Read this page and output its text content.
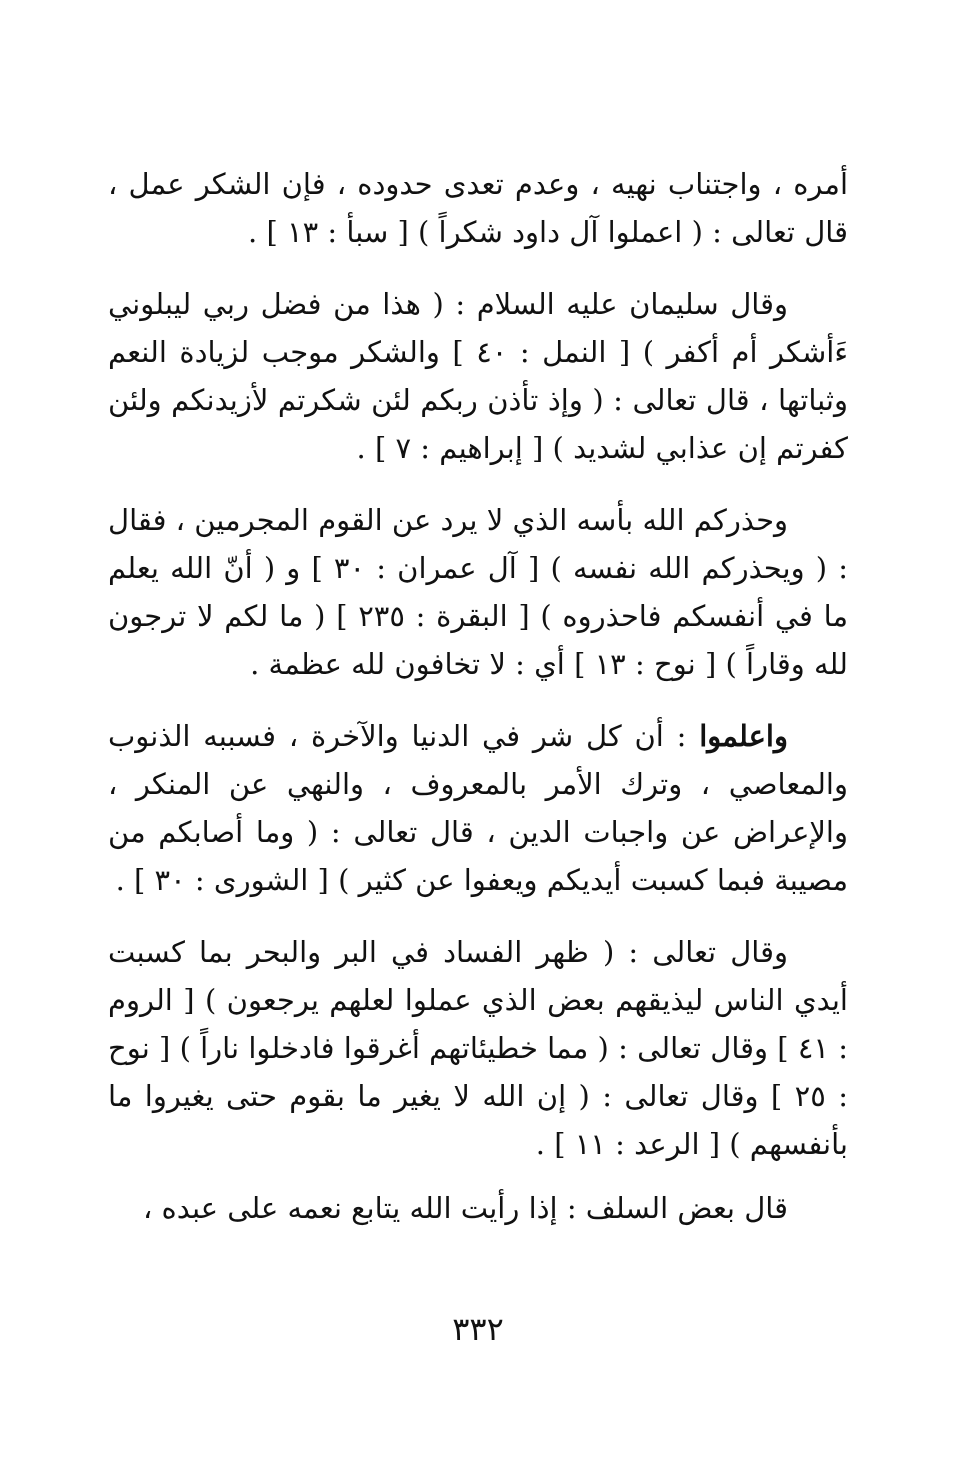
أمره ، واجتناب نهيه ، وعدم تعدى حدوده ، فإن الشكر عمل ، قال تعالى : ( اعملوا آل داود شكراً ) [ سبأ : ١٣ ] .

وقال سليمان عليه السلام : ( هذا من فضل ربي ليبلوني ءَأشكر أم أكفر ) [ النمل : ٤٠ ] والشكر موجب لزيادة النعم وثباتها ، قال تعالى : ( وإذ تأذن ربكم لئن شكرتم لأزيدنكم ولئن كفرتم إن عذابي لشديد ) [ إبراهيم : ٧ ] .

وحذركم الله بأسه الذي لا يرد عن القوم المجرمين ، فقال : ( ويحذركم الله نفسه ) [ آل عمران : ٣٠ ] و ( أنّ الله يعلم ما في أنفسكم فاحذروه ) [ البقرة : ٢٣٥ ] ( ما لكم لا ترجون لله وقاراً ) [ نوح : ١٣ ] أي : لا تخافون لله عظمة .

واعلموا : أن كل شر في الدنيا والآخرة ، فسببه الذنوب والمعاصي ، وترك الأمر بالمعروف ، والنهي عن المنكر ، والإعراض عن واجبات الدين ، قال تعالى : ( وما أصابكم من مصيبة فبما كسبت أيديكم ويعفوا عن كثير ) [ الشورى : ٣٠ ] .

وقال تعالى : ( ظهر الفساد في البر والبحر بما كسبت أيدي الناس ليذيقهم بعض الذي عملوا لعلهم يرجعون ) [ الروم : ٤١ ] وقال تعالى : ( مما خطيئاتهم أغرقوا فادخلوا ناراً ) [ نوح : ٢٥ ] وقال تعالى : ( إن الله لا يغير ما بقوم حتى يغيروا ما بأنفسهم ) [ الرعد : ١١ ] .

قال بعض السلف : إذا رأيت الله يتابع نعمه على عبده ،

٣٣٢
